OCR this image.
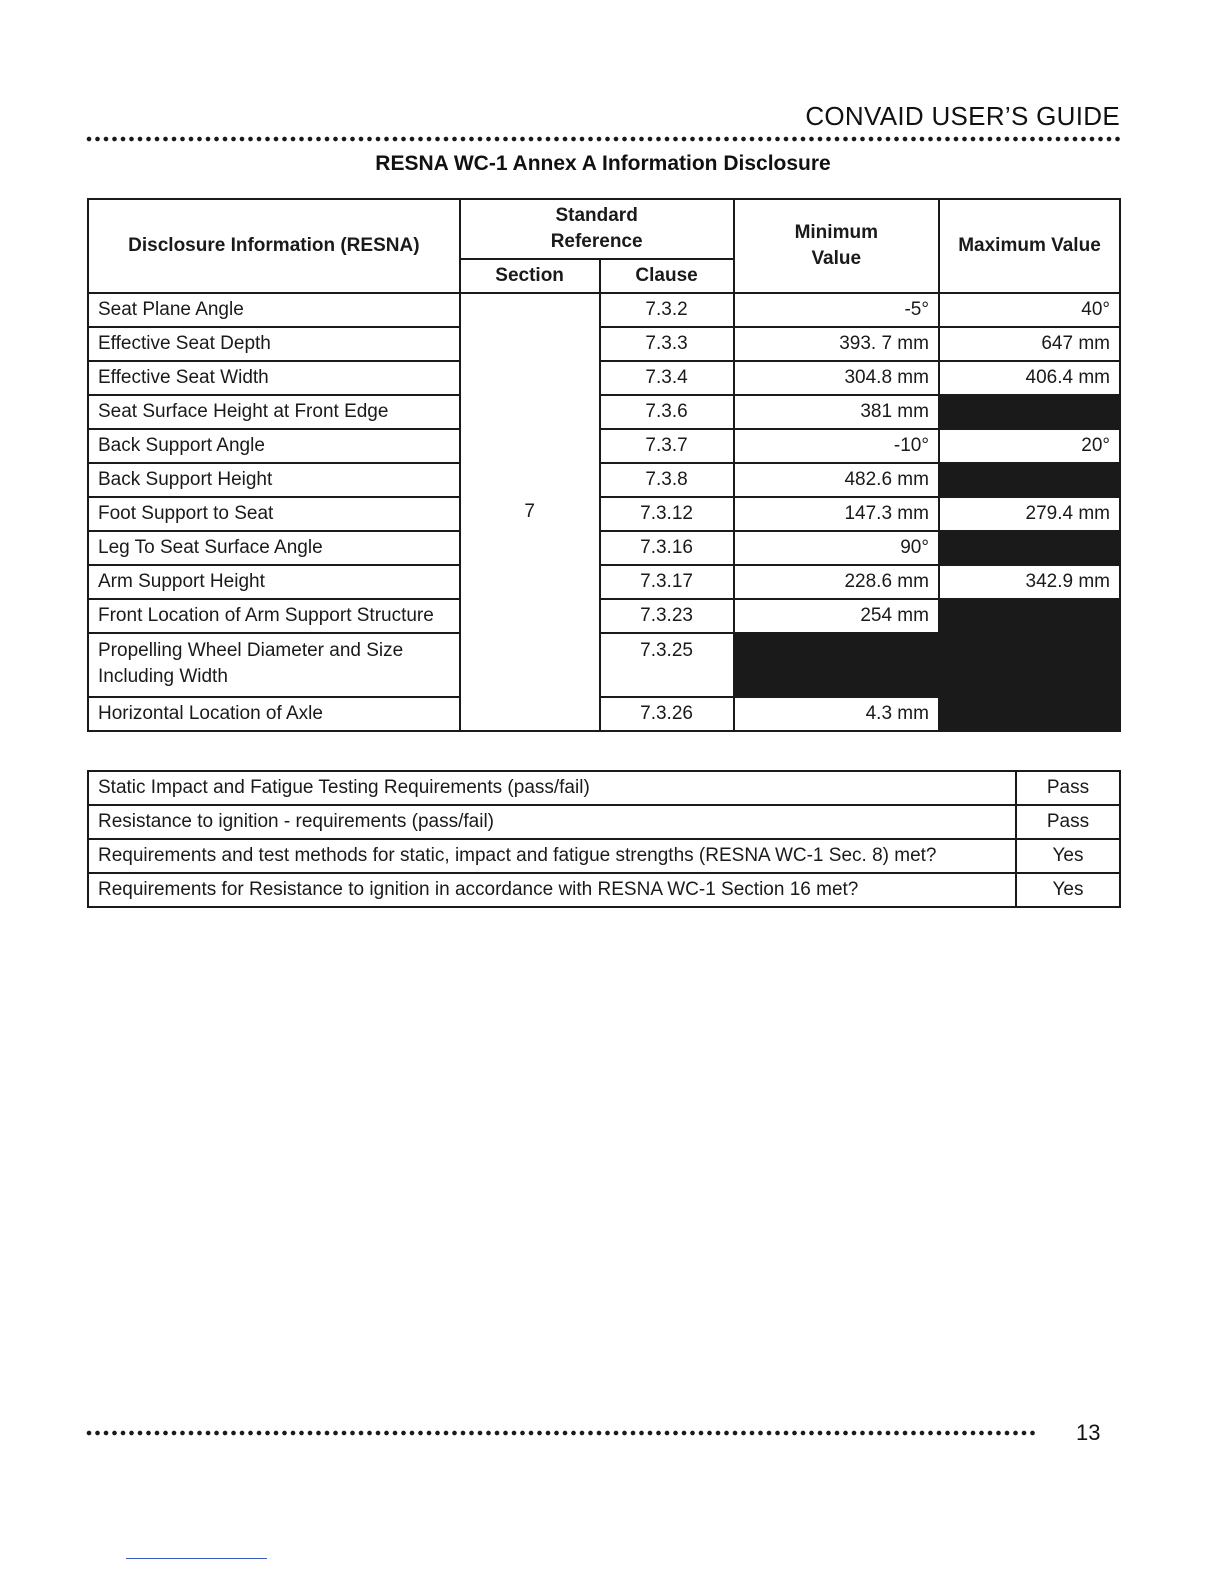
CONVAID USER’S GUIDE
RESNA WC-1 Annex A Information Disclosure
Disclosure Information (RESNA)	Standard Reference		Minimum Value	Maximum Value
	Section	Clause		
Seat Plane Angle	7	7.3.2	-5°	40°
Effective Seat Depth		7.3.3	393. 7 mm	647 mm
Effective Seat Width		7.3.4	304.8 mm	406.4 mm
Seat Surface Height at Front Edge		7.3.6	381 mm	
Back Support Angle		7.3.7	-10°	20°
Back Support Height		7.3.8	482.6 mm	
Foot Support to Seat		7.3.12	147.3 mm	279.4 mm
Leg To Seat Surface Angle		7.3.16	90°	
Arm Support Height		7.3.17	228.6 mm	342.9 mm
Front Location of Arm Support Structure		7.3.23	254 mm	
Propelling Wheel Diameter and Size Including Width		7.3.25		
Horizontal Location of Axle		7.3.26	4.3 mm	
Static Impact and Fatigue Testing Requirements (pass/fail)	Pass
Resistance to ignition - requirements (pass/fail)	Pass
Requirements and test methods for static, impact and fatigue strengths (RESNA WC-1 Sec. 8) met?	Yes
Requirements for Resistance to ignition in accordance with RESNA WC-1 Section 16 met?	Yes
13
